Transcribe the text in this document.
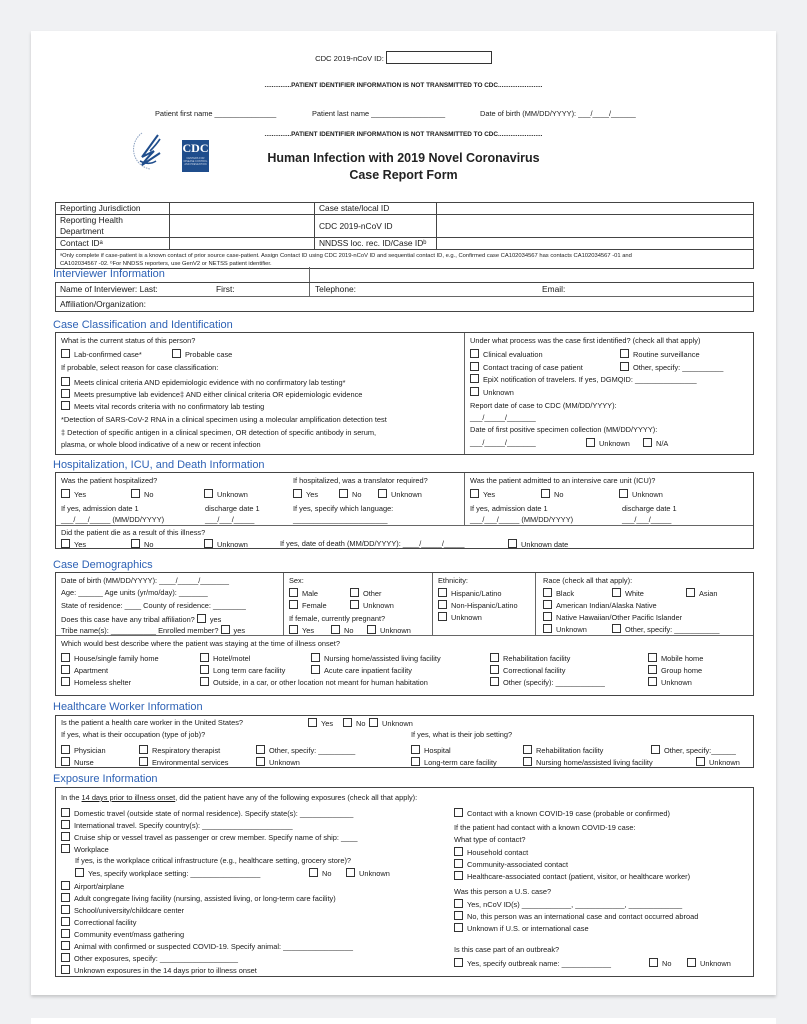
CDC 2019-nCoV ID:
...............PATIENT IDENTIFIER INFORMATION IS NOT TRANSMITTED TO CDC.........................
Patient first name _______________	Patient last name __________________	Date of birth (MM/DD/YYYY): ___/____/______
...............PATIENT IDENTIFIER INFORMATION IS NOT TRANSMITTED TO CDC.........................
CDC
CENTERS FOR DISEASE CONTROL AND PREVENTION	Human Infection with 2019 Novel Coronavirus
Case Report Form
Reporting Jurisdiction		Case state/local ID	
Reporting Health Department		CDC 2019-nCoV ID	
Contact IDᵃ		NNDSS loc. rec. ID/Case IDᵇ	

ᵃOnly complete if case-patient is a known contact of prior source case-patient. Assign Contact ID using CDC 2019-nCoV ID and sequential contact ID, e.g., Confirmed case CA102034567 has contacts CA102034567 -01 and
CA102034567 -02. ᵇFor NNDSS reporters, use GenV2 or NETSS patient identifier.			
Interviewer Information
Name of Interviewer: Last:	First:	Telephone:	Email:
Affiliation/Organization:
Case Classification and Identification
What is the current status of this person?
Lab-confirmed case*	Probable case
If probable, select reason for case classification:
Meets clinical criteria AND epidemiologic evidence with no confirmatory lab testing*
Meets presumptive lab evidence‡ AND either clinical criteria OR epidemiologic evidence
Meets vital records criteria with no confirmatory lab testing
*Detection of SARS-CoV-2 RNA in a clinical specimen using a molecular amplification detection test
‡ Detection of specific antigen in a clinical specimen, OR detection of specific antibody in serum,
plasma, or whole blood indicative of a new or recent infection
Under what process was the case first identified? (check all that apply)
Clinical evaluation	Routine surveillance
Contact tracing of case patient	Other, specify: __________
EpiX notification of travelers. If yes, DGMQID: _______________
Unknown
Report date of case to CDC (MM/DD/YYYY):
___/_____/_______
Date of first positive specimen collection (MM/DD/YYYY):
___/_____/_______	Unknown	N/A
Hospitalization, ICU, and Death Information
Was the patient hospitalized?
Yes	No	Unknown
If yes, admission date 1
___/___/_____ (MM/DD/YYYY)
discharge date 1
___/___/_____
If hospitalized, was a translator required?
Yes	No	Unknown
If yes, specify which language:
_______________________
Was the patient admitted to an intensive care unit (ICU)?
Yes	No	Unknown
If yes, admission date 1
___/___/_____ (MM/DD/YYYY)
discharge date 1
___/___/_____
Did the patient die as a result of this illness?
Yes	No	Unknown	If yes, date of death (MM/DD/YYYY): ____/_____/_____	Unknown date
Case Demographics
Date of birth (MM/DD/YYYY): ____/_____/_______
Age: ______ Age units (yr/mo/day): _______
State of residence: ____ County of residence: ________
Does this case have any tribal affiliation? yes
Tribe name(s): ___________ Enrolled member? yes
Sex:
Male	Other
Female	Unknown
If female, currently pregnant?
Yes	No	Unknown
Ethnicity:
Hispanic/Latino
Non-Hispanic/Latino
Unknown
Race (check all that apply):
Black	White	Asian
American Indian/Alaska Native
Native Hawaiian/Other Pacific Islander
Unknown	Other, specify: ___________
Which would best describe where the patient was staying at the time of illness onset?
House/single family home	Hotel/motel	Nursing home/assisted living facility	Rehabilitation facility	Mobile home
Apartment	Long term care facility	Acute care inpatient facility	Correctional facility	Group home
Homeless shelter	Outside, in a car, or other location not meant for human habitation	Other (specify): ____________	Unknown
Healthcare Worker Information
Is the patient a health care worker in the United States?	Yes	No	Unknown
If yes, what is their occupation (type of job)?	If yes, what is their job setting?
Physician	Respiratory therapist	Other, specify: _________
Nurse	Environmental services	Unknown
Hospital	Rehabilitation facility	Other, specify:______
Long-term care facility	Nursing home/assisted living facility	Unknown
Exposure Information
In the 14 days prior to illness onset, did the patient have any of the following exposures (check all that apply):
Domestic travel (outside state of normal residence). Specify state(s): _____________
International travel. Specify country(s): ______________________
Cruise ship or vessel travel as passenger or crew member. Specify name of ship: ____
Workplace
If yes, is the workplace critical infrastructure (e.g., healthcare setting, grocery store)?
Yes, specify workplace setting: _________________	No	Unknown
Airport/airplane
Adult congregate living facility (nursing, assisted living, or long-term care facility)
School/university/childcare center
Correctional facility
Community event/mass gathering
Animal with confirmed or suspected COVID-19. Specify animal: _________________
Other exposures, specify: ___________________
Unknown exposures in the 14 days prior to illness onset
Contact with a known COVID-19 case (probable or confirmed)
If the patient had contact with a known COVID-19 case:
What type of contact?
Household contact
Community-associated contact
Healthcare-associated contact (patient, visitor, or healthcare worker)
Was this person a U.S. case?
Yes, nCoV ID(s) ____________, ____________, _____________
No, this person was an international case and contact occurred abroad
Unknown if U.S. or international case
Is this case part of an outbreak?
Yes, specify outbreak name: ____________	No	Unknown
